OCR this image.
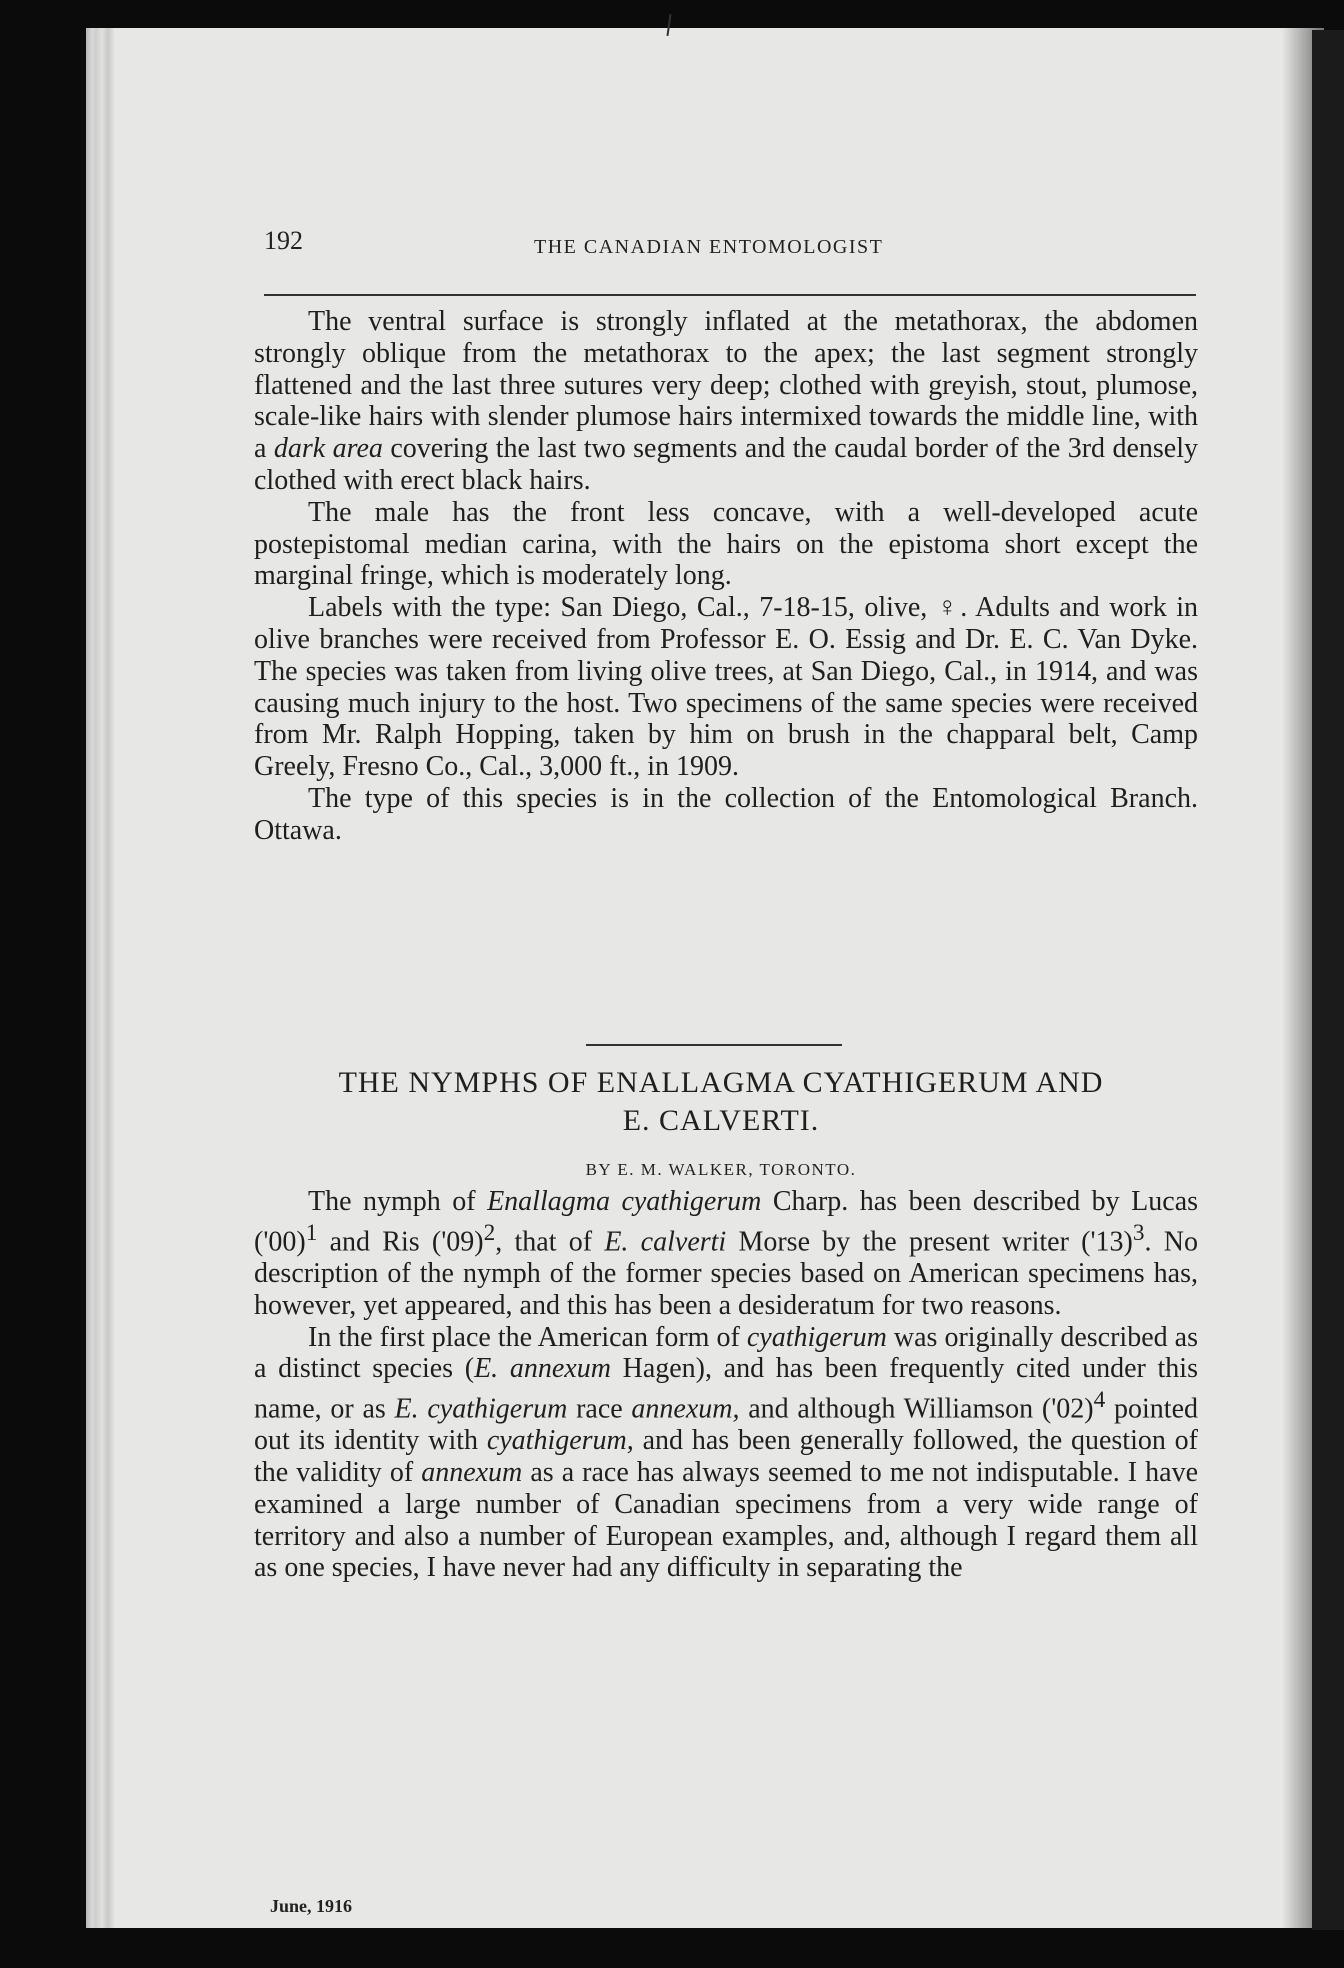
192	THE CANADIAN ENTOMOLOGIST

The ventral surface is strongly inflated at the metathorax, the abdomen strongly oblique from the metathorax to the apex; the last segment strongly flattened and the last three sutures very deep; clothed with greyish, stout, plumose, scale-like hairs with slender plumose hairs intermixed towards the middle line, with a dark area covering the last two segments and the caudal border of the 3rd densely clothed with erect black hairs.

The male has the front less concave, with a well-developed acute postepistomal median carina, with the hairs on the epistoma short except the marginal fringe, which is moderately long.

Labels with the type: San Diego, Cal., 7-18-15, olive, ♀. Adults and work in olive branches were received from Professor E. O. Essig and Dr. E. C. Van Dyke. The species was taken from living olive trees, at San Diego, Cal., in 1914, and was causing much injury to the host. Two specimens of the same species were received from Mr. Ralph Hopping, taken by him on brush in the chapparal belt, Camp Greely, Fresno Co., Cal., 3,000 ft., in 1909.

The type of this species is in the collection of the Entomological Branch. Ottawa.

THE NYMPHS OF ENALLAGMA CYATHIGERUM AND
E. CALVERTI.
BY E. M. WALKER, TORONTO.

The nymph of Enallagma cyathigerum Charp. has been described by Lucas $('00)^1$ and Ris $('09)^2$, that of E. calverti Morse by the present writer $('13)^3$. No description of the nymph of the former species based on American specimens has, however, yet appeared, and this has been a desideratum for two reasons.

In the first place the American form of cyathigerum was originally described as a distinct species (E. annexum Hagen), and has been frequently cited under this name, or as E. cyathigerum race annexum, and although Williamson $('02)^4$ pointed out its identity with cyathigerum, and has been generally followed, the question of the validity of annexum as a race has always seemed to me not indisputable. I have examined a large number of Canadian specimens from a very wide range of territory and also a number of European examples, and, although I regard them all as one species, I have never had any difficulty in separating the

June, 1916
